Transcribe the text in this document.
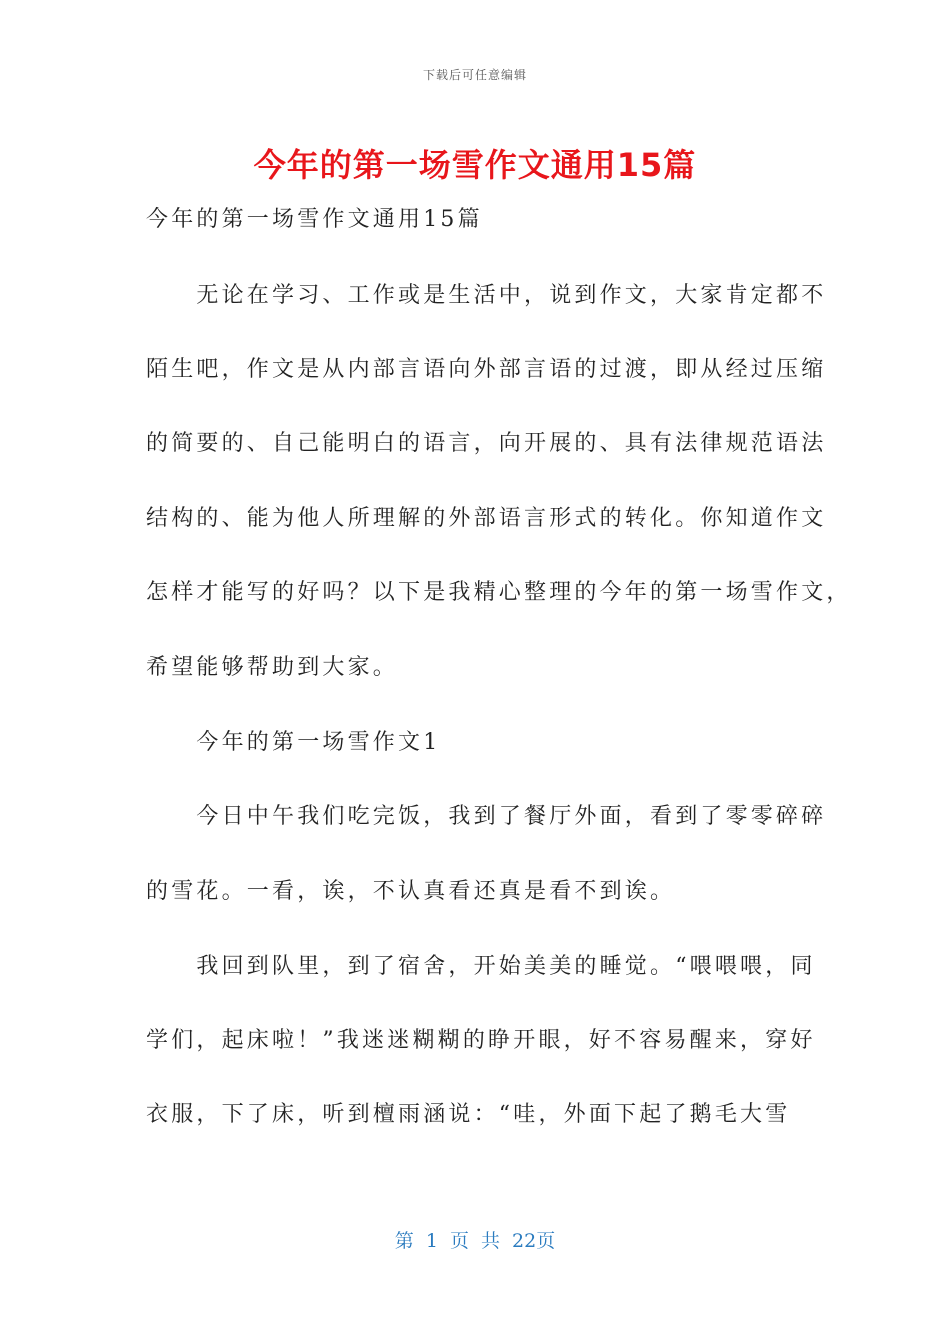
下载后可任意编辑
今年的第一场雪作文通用15篇
今年的第一场雪作文通用15篇
　　无论在学习、工作或是生活中，说到作文，大家肯定都不
陌生吧，作文是从内部言语向外部言语的过渡，即从经过压缩
的简要的、自己能明白的语言，向开展的、具有法律规范语法
结构的、能为他人所理解的外部语言形式的转化。你知道作文
怎样才能写的好吗？以下是我精心整理的今年的第一场雪作文，
希望能够帮助到大家。
　　今年的第一场雪作文1
　　今日中午我们吃完饭，我到了餐厅外面，看到了零零碎碎
的雪花。一看，诶，不认真看还真是看不到诶。
　　我回到队里，到了宿舍，开始美美的睡觉。“喂喂喂，同
学们，起床啦！”我迷迷糊糊的睁开眼，好不容易醒来，穿好
衣服，下了床，听到檀雨涵说：“哇，外面下起了鹅毛大雪
第 1 页 共 22页
